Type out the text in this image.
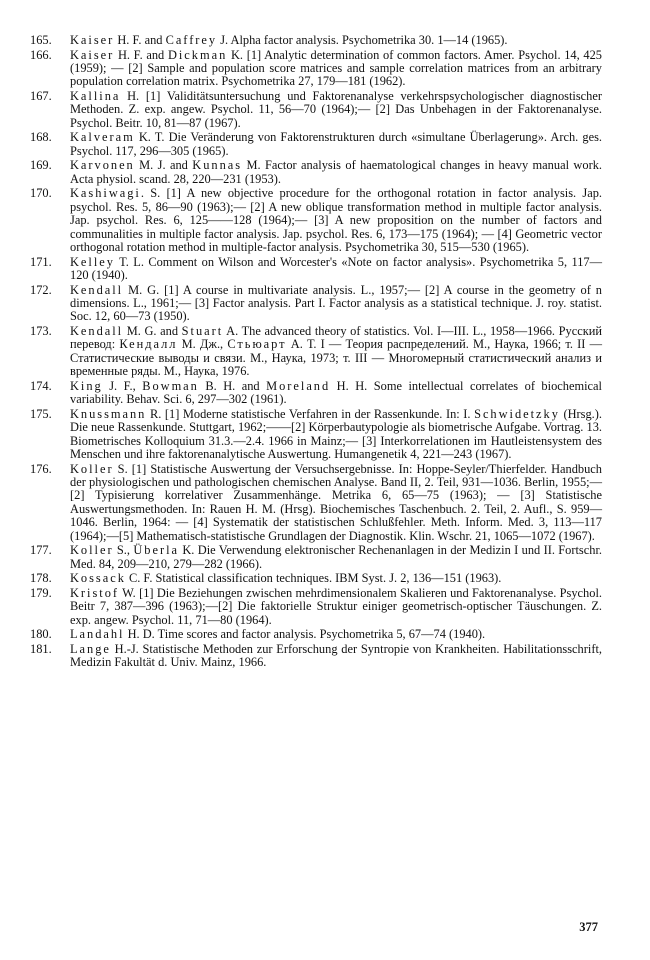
165.	Kaiser H. F. and Caffrey J. Alpha factor analysis. Psychometrika 30. 1—14 (1965).
166.	Kaiser H. F. and Dickman K. [1] Analytic determination of common factors. Amer. Psychol. 14, 425 (1959); — [2] Sample and population score matrices and sample correlation matrices from an arbitrary population correlation matrix. Psychometrika 27, 179—181 (1962).
167.	Kallina H. [1] Validitätsuntersuchung und Faktorenanalyse verkehrspsychologischer diagnostischer Methoden. Z. exp. angew. Psychol. 11, 56—70 (1964);— [2] Das Unbehagen in der Faktorenanalyse. Psychol. Beitr. 10, 81—87 (1967).
168.	Kalveram K. T. Die Veränderung von Faktorenstrukturen durch «simultane Überlagerung». Arch. ges. Psychol. 117, 296—305 (1965).
169.	Karvonen M. J. and Kunnas M. Factor analysis of haematological changes in heavy manual work. Acta physiol. scand. 28, 220—231 (1953).
170.	Kashiwagi. S. [1] A new objective procedure for the orthogonal rotation in factor analysis. Jap. psychol. Res. 5, 86—90 (1963);— [2] A new oblique transformation method in multiple factor analysis. Jap. psychol. Res. 6, 125——128 (1964);— [3] A new proposition on the number of factors and communalities in multiple factor analysis. Jap. psychol. Res. 6, 173—175 (1964); — [4] Geometric vector orthogonal rotation method in multiple-factor analysis. Psychometrika 30, 515—530 (1965).
171.	Kelley T. L. Comment on Wilson and Worcester's «Note on factor analysis». Psychometrika 5, 117—120 (1940).
172.	Kendall M. G. [1] A course in multivariate analysis. L., 1957;— [2] A course in the geometry of n dimensions. L., 1961;— [3] Factor analysis. Part I. Factor analysis as a statistical technique. J. roy. statist. Soc. 12, 60—73 (1950).
173.	Kendall M. G. and Stuart A. The advanced theory of statistics. Vol. I—III. L., 1958—1966. Русский перевод: Кендалл М. Дж., Стьюарт А. Т. I — Теория распределений. М., Наука, 1966; т. II — Статистические выводы и связи. М., Наука, 1973; т. III — Многомерный статистический анализ и временные ряды. М., Наука, 1976.
174.	King J. F., Bowman B. H. and Moreland H. H. Some intellectual correlates of biochemical variability. Behav. Sci. 6, 297—302 (1961).
175.	Knussmann R. [1] Moderne statistische Verfahren in der Rassenkunde. In: I. Schwidetzky (Hrsg.). Die neue Rassenkunde. Stuttgart, 1962;——[2] Körperbautypologie als biometrische Aufgabe. Vortrag. 13. Biometrisches Kolloquium 31.3.—2.4. 1966 in Mainz;— [3] Interkorrelationen im Hautleistensystem des Menschen und ihre faktorenanalytische Auswertung. Humangenetik 4, 221—243 (1967).
176.	Koller S. [1] Statistische Auswertung der Versuchsergebnisse. In: Hoppe-Seyler/Thierfelder. Handbuch der physiologischen und pathologischen chemischen Analyse. Band II, 2. Teil, 931—1036. Berlin, 1955;—[2] Typisierung korrelativer Zusammenhänge. Metrika 6, 65—75 (1963); — [3] Statistische Auswertungsmethoden. In: Rauen H. M. (Hrsg). Biochemisches Taschenbuch. 2. Teil, 2. Aufl., S. 959—1046. Berlin, 1964: — [4] Systematik der statistischen Schlußfehler. Meth. Inform. Med. 3, 113—117 (1964);—[5] Mathematisch-statistische Grundlagen der Diagnostik. Klin. Wschr. 21, 1065—1072 (1967).
177.	Koller S., Überla K. Die Verwendung elektronischer Rechenanlagen in der Medizin I und II. Fortschr. Med. 84, 209—210, 279—282 (1966).
178.	Kossack C. F. Statistical classification techniques. IBM Syst. J. 2, 136—151 (1963).
179.	Kristof W. [1] Die Beziehungen zwischen mehrdimensionalem Skalieren und Faktorenanalyse. Psychol. Beitr 7, 387—396 (1963);—[2] Die faktorielle Struktur einiger geometrisch-optischer Täuschungen. Z. exp. angew. Psychol. 11, 71—80 (1964).
180.	Landahl H. D. Time scores and factor analysis. Psychometrika 5, 67—74 (1940).
181.	Lange H.-J. Statistische Methoden zur Erforschung der Syntropie von Krankheiten. Habilitationsschrift, Medizin Fakultät d. Univ. Mainz, 1966.
377
